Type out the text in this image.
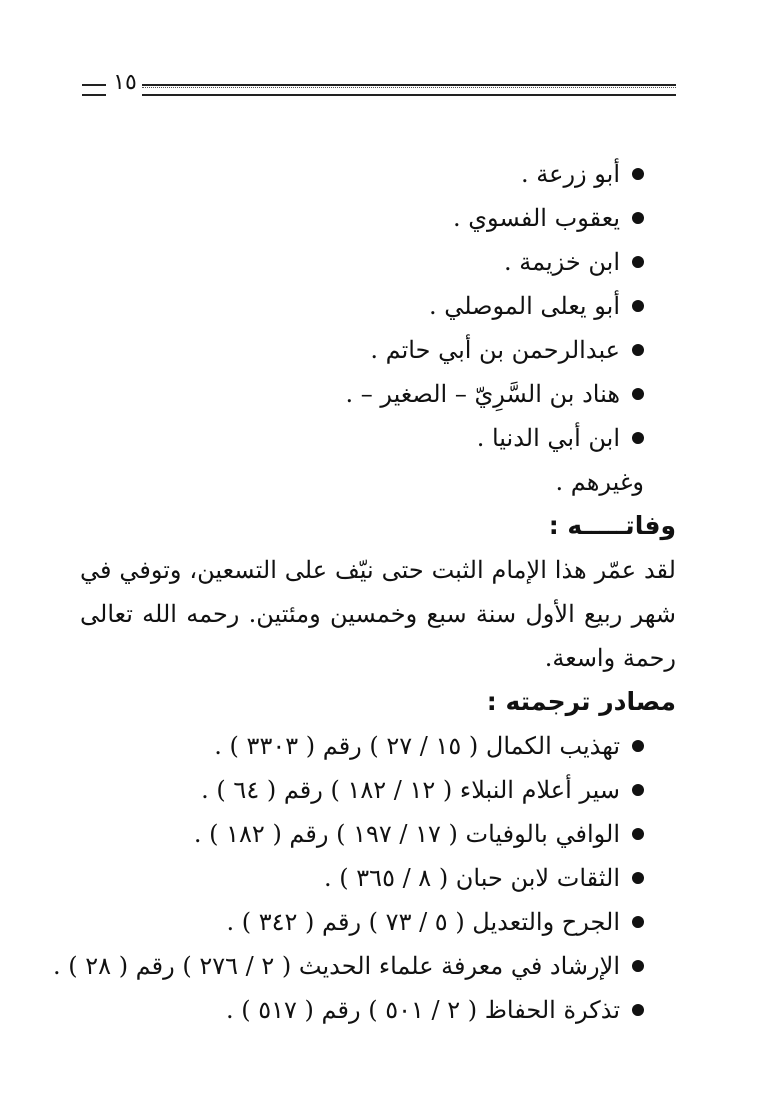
١٥
أبو زرعة .
يعقوب الفسوي .
ابن خزيمة .
أبو يعلى الموصلي .
عبدالرحمن بن أبي حاتم .
هناد بن السَّرِيّ – الصغير – .
ابن أبي الدنيا .
وغيرهم .
وفاتـــــه :

لقد عمّر هذا الإمام الثبت حتى نيّف على التسعين، وتوفي في شهر ربيع الأول سنة سبع وخمسين ومئتين. رحمه الله تعالى رحمة واسعة.

مصادر ترجمته :
تهذيب الكمال ( ١٥ / ٢٧ ) رقم ( ٣٣٠٣ ) .
سير أعلام النبلاء ( ١٢ / ١٨٢ ) رقم ( ٦٤ ) .
الوافي بالوفيات ( ١٧ / ١٩٧ ) رقم ( ١٨٢ ) .
الثقات لابن حبان ( ٨ / ٣٦٥ ) .
الجرح والتعديل ( ٥ / ٧٣ ) رقم ( ٣٤٢ ) .
الإرشاد في معرفة علماء الحديث ( ٢ / ٢٧٦ ) رقم ( ٢٨ ) .
تذكرة الحفاظ ( ٢ / ٥٠١ ) رقم ( ٥١٧ ) .
